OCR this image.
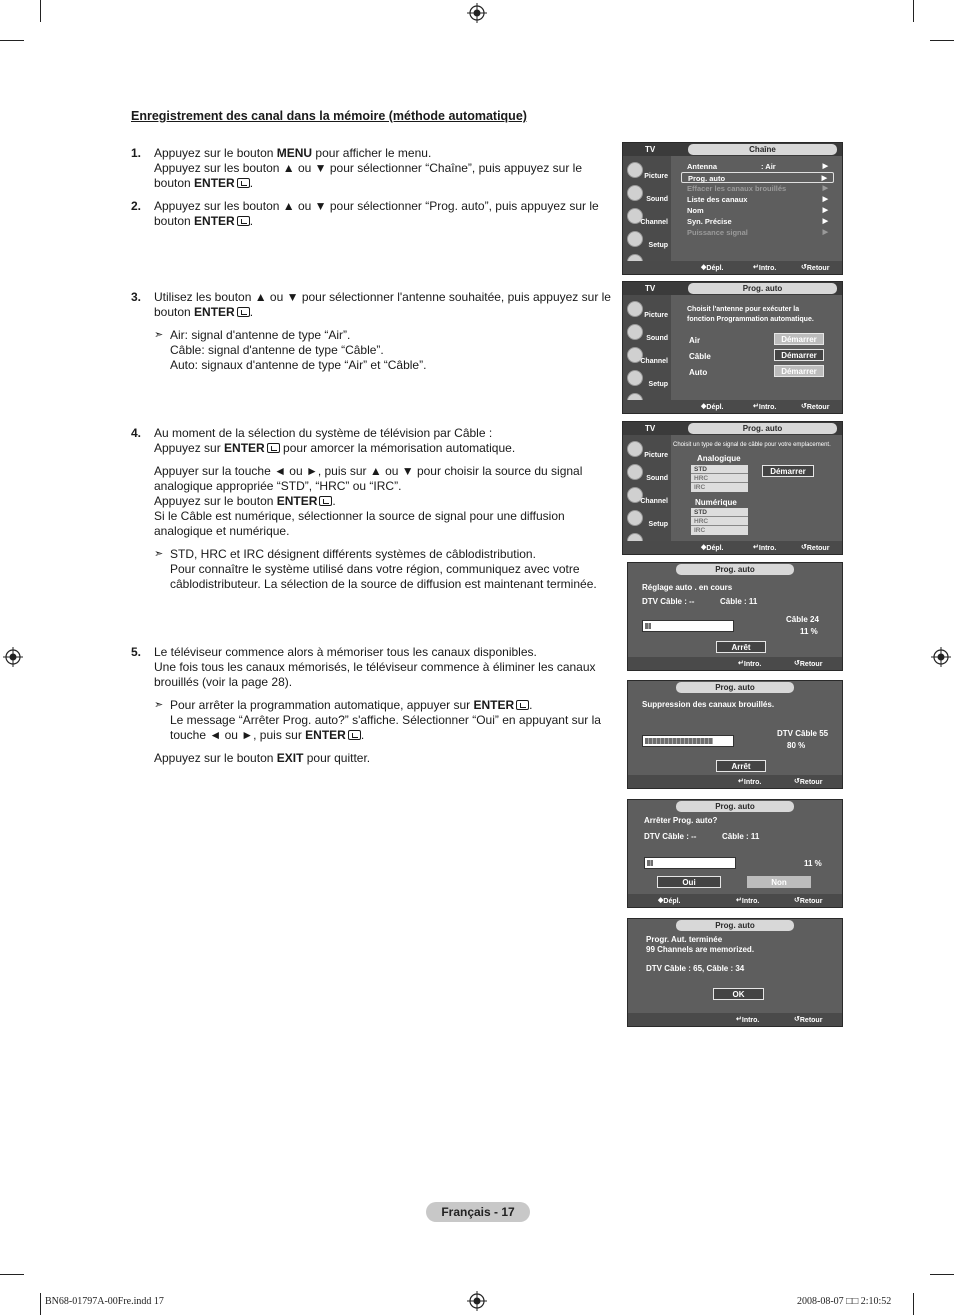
Enregistrement des canal dans la mémoire (méthode automatique)
1.	Appuyez sur le bouton MENU pour afficher le menu.

Appuyez sur les bouton ▲ ou ▼ pour sélectionner “Chaîne”, puis appuyez sur le bouton ENTER .

2.	Appuyez sur les bouton ▲ ou ▼ pour sélectionner “Prog. auto”, puis appuyez sur le bouton ENTER .

3.	Utilisez les bouton ▲ ou ▼ pour sélectionner l'antenne souhaitée, puis appuyez sur le bouton ENTER .

➣ Air: signal d'antenne de type “Air”.

Câble: signal d'antenne de type “Câble”.

Auto: signaux d'antenne de type “Air” et “Câble”.

4.	Au moment de la sélection du système de télévision par Câble :

Appuyez sur ENTER pour amorcer la mémorisation automatique.

Appuyer sur la touche ◄ ou ►, puis sur ▲ ou ▼ pour choisir la source du signal analogique appropriée “STD”, “HRC” ou “IRC”.

Appuyez sur le bouton ENTER .

Si le Câble est numérique, sélectionner la source de signal pour une diffusion analogique et numérique.

➣ STD, HRC et IRC désignent différents systèmes de câblodistribution.

Pour connaître le système utilisé dans votre région, communiquez avec votre câblodistributeur. La sélection de la source de diffusion est maintenant terminée.

5.	Le téléviseur commence alors à mémoriser tous les canaux disponibles.

Une fois tous les canaux mémorisés, le téléviseur commence à éliminer les canaux brouillés (voir la page 28).

➣ Pour arrêter la programmation automatique, appuyer sur ENTER .

Le message “Arrêter Prog. auto?” s'affiche. Sélectionner “Oui” en appuyant sur la touche ◄ ou ►, puis sur ENTER .

Appuyez sur le bouton EXIT pour quitter.

TV	Chaîne
Picture
Sound
Channel
Setup
Antenna	: Air	▶
Prog. auto	▶
Effacer les canaux brouillés	▶
Liste des canaux	▶
Nom	▶
Syn. Précise	▶
Puissance signal	▶
◆ Dépl.	↵ Intro.	↺ Retour
TV	Prog. auto
Picture
Sound
Channel
Setup
Choisit l'antenne pour exécuter la
fonction Programmation automatique.
Air
Câble
Auto
Démarrer
Démarrer
Démarrer
◆ Dépl.	↵ Intro.	↺ Retour
TV	Prog. auto
Picture
Sound
Channel
Setup
Choisit un type de signal de câble pour votre emplacement.
Analogique
STD
HRC
IRC
Numérique
STD
HRC
IRC
Démarrer
◆ Dépl.	↵ Intro.	↺ Retour
Prog. auto
Réglage auto . en cours
DTV Câble : --	Câble : 11
Câble 24
11 %
Arrêt
↵ Intro.	↺ Retour
Prog. auto
Suppression des canaux brouillés.
DTV Câble 55
80 %
Arrêt
↵ Intro.	↺ Retour
Prog. auto
Arrêter Prog. auto?
DTV Câble : --	Câble : 11
11 %
Oui	Non
◆ Dépl.	↵ Intro.	↺ Retour
Prog. auto
Progr. Aut. terminée
99 Channels are memorized.
DTV Câble : 65, Câble : 34
OK
↵ Intro.	↺ Retour
Français - 17
BN68-01797A-00Fre.indd 17	2008-08-07 □□ 2:10:52
